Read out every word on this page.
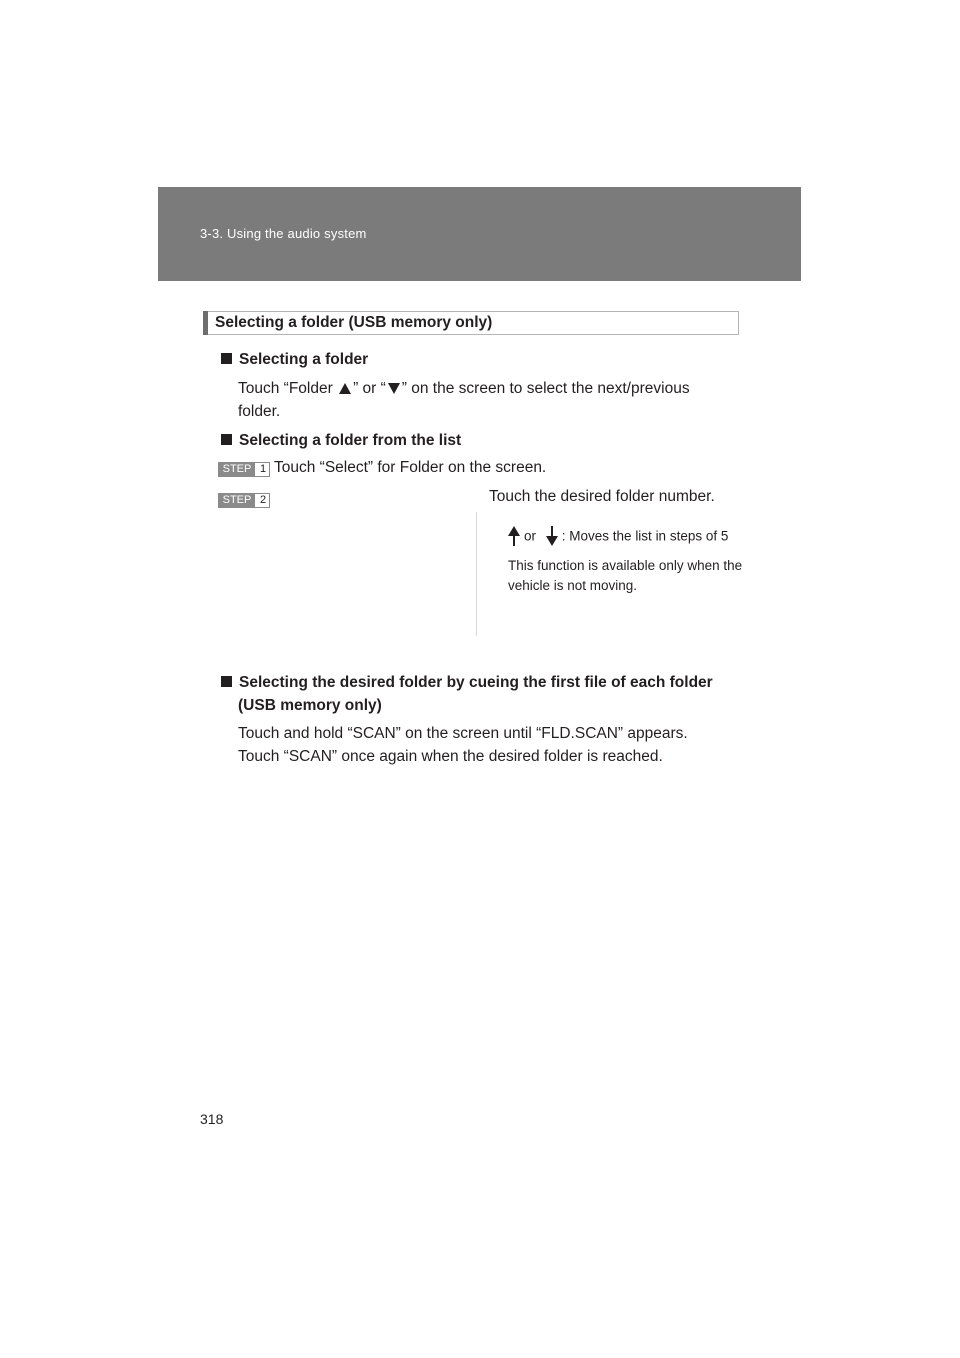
3-3. Using the audio system
Selecting a folder (USB memory only)
Selecting a folder
Touch “Folder ” or “ ” on the screen to select the next/previous
folder.
Selecting a folder from the list
STEP 1 Touch “Select” for Folder on the screen.
STEP 2	Touch the desired folder number.
or : Moves the list in steps of 5
This function is available only when the vehicle is not moving.
Selecting the desired folder by cueing the first file of each folder
(USB memory only)
Touch and hold “SCAN” on the screen until “FLD.SCAN” appears.
Touch “SCAN” once again when the desired folder is reached.
318
